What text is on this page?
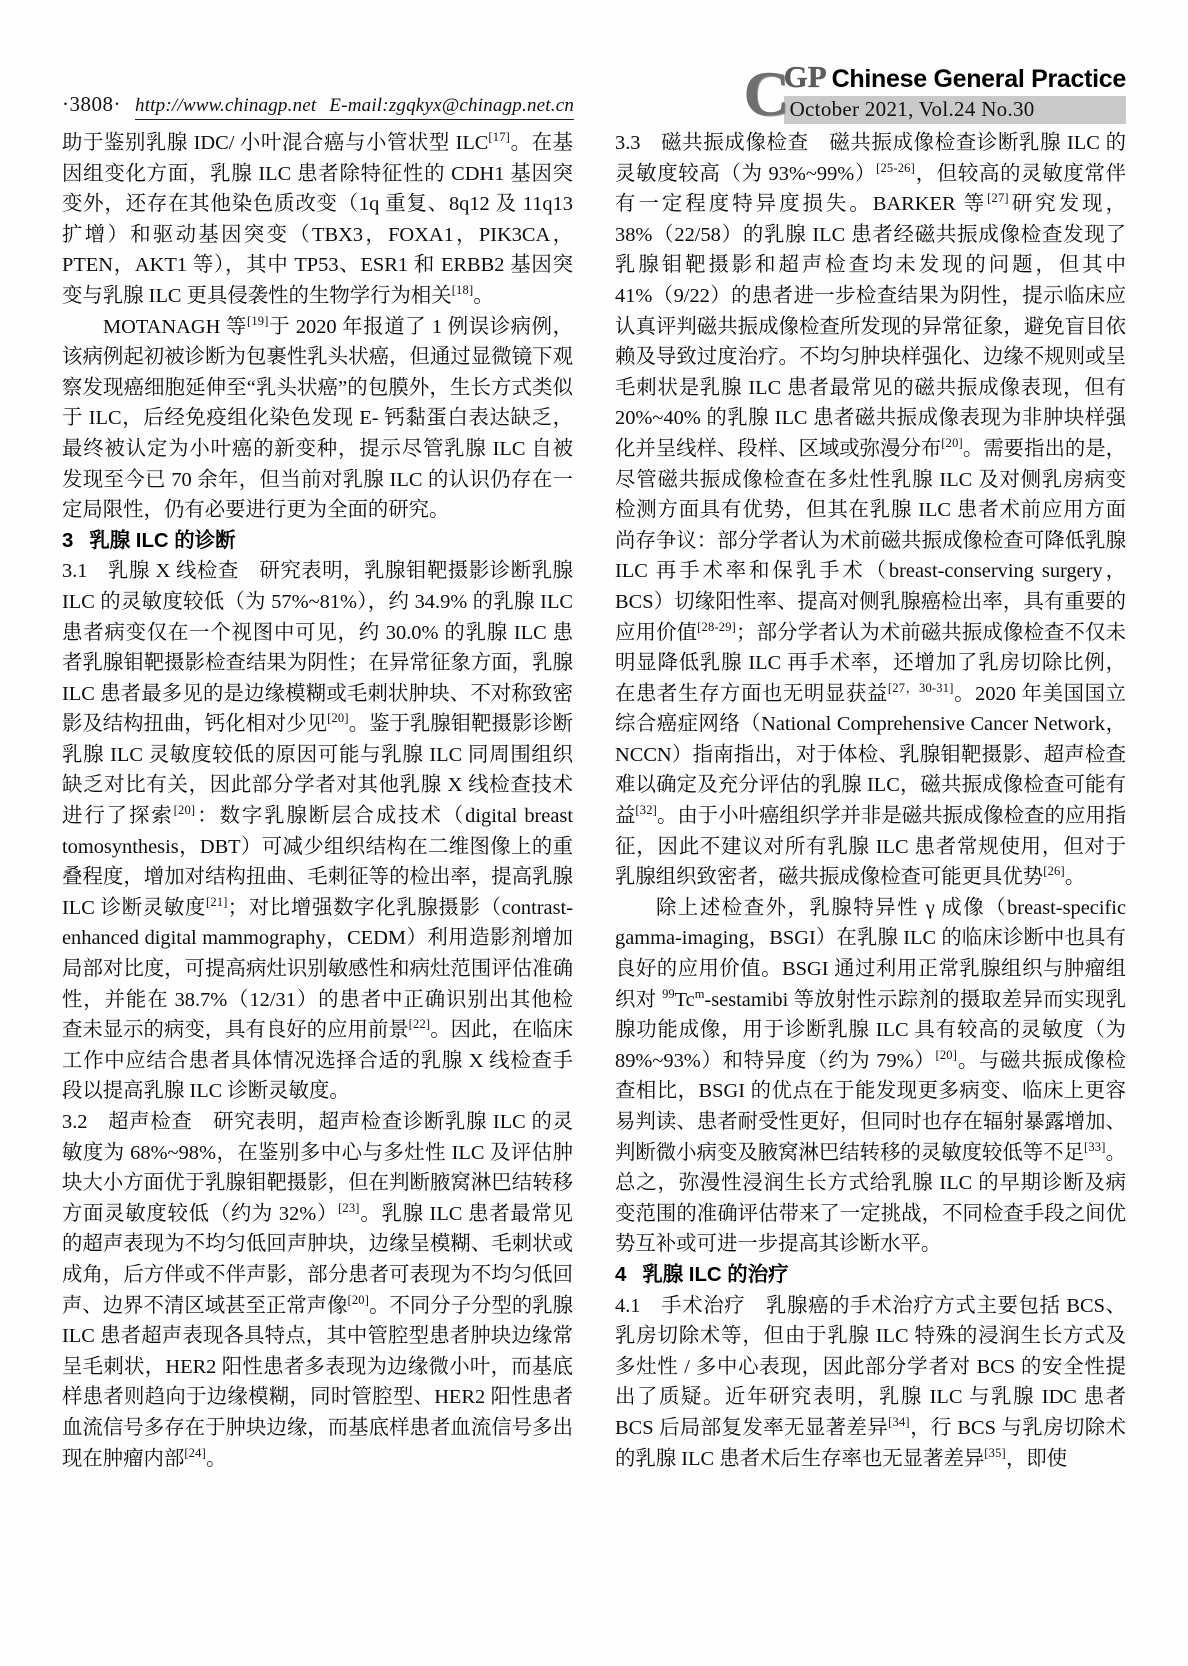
·3808· http://www.chinagp.net E-mail:zgqkyx@chinagp.net.cn	C
GP Chinese General Practice
October 2021, Vol.24 No.30

助于鉴别乳腺 IDC/ 小叶混合癌与小管状型 ILC[17]。在基因组变化方面，乳腺 ILC 患者除特征性的 CDH1 基因突变外，还存在其他染色质改变（1q 重复、8q12 及 11q13 扩增）和驱动基因突变（TBX3，FOXA1，PIK3CA，PTEN，AKT1 等），其中 TP53、ESR1 和 ERBB2 基因突变与乳腺 ILC 更具侵袭性的生物学行为相关[18]。

MOTANAGH 等[19]于 2020 年报道了 1 例误诊病例，该病例起初被诊断为包裹性乳头状癌，但通过显微镜下观察发现癌细胞延伸至“乳头状癌”的包膜外，生长方式类似于 ILC，后经免疫组化染色发现 E- 钙黏蛋白表达缺乏，最终被认定为小叶癌的新变种，提示尽管乳腺 ILC 自被发现至今已 70 余年，但当前对乳腺 ILC 的认识仍存在一定局限性，仍有必要进行更为全面的研究。

3 乳腺 ILC 的诊断

3.1 乳腺 X 线检查 研究表明，乳腺钼靶摄影诊断乳腺 ILC 的灵敏度较低（为 57%~81%），约 34.9% 的乳腺 ILC 患者病变仅在一个视图中可见，约 30.0% 的乳腺 ILC 患者乳腺钼靶摄影检查结果为阴性；在异常征象方面，乳腺 ILC 患者最多见的是边缘模糊或毛刺状肿块、不对称致密影及结构扭曲，钙化相对少见[20]。鉴于乳腺钼靶摄影诊断乳腺 ILC 灵敏度较低的原因可能与乳腺 ILC 同周围组织缺乏对比有关，因此部分学者对其他乳腺 X 线检查技术进行了探索[20]：数字乳腺断层合成技术（digital breast tomosynthesis，DBT）可减少组织结构在二维图像上的重叠程度，增加对结构扭曲、毛刺征等的检出率，提高乳腺 ILC 诊断灵敏度[21]；对比增强数字化乳腺摄影（contrast-enhanced digital mammography，CEDM）利用造影剂增加局部对比度，可提高病灶识别敏感性和病灶范围评估准确性，并能在 38.7%（12/31）的患者中正确识别出其他检查未显示的病变，具有良好的应用前景[22]。因此，在临床工作中应结合患者具体情况选择合适的乳腺 X 线检查手段以提高乳腺 ILC 诊断灵敏度。

3.2 超声检查 研究表明，超声检查诊断乳腺 ILC 的灵敏度为 68%~98%，在鉴别多中心与多灶性 ILC 及评估肿块大小方面优于乳腺钼靶摄影，但在判断腋窝淋巴结转移方面灵敏度较低（约为 32%）[23]。乳腺 ILC 患者最常见的超声表现为不均匀低回声肿块，边缘呈模糊、毛刺状或成角，后方伴或不伴声影，部分患者可表现为不均匀低回声、边界不清区域甚至正常声像[20]。不同分子分型的乳腺 ILC 患者超声表现各具特点，其中管腔型患者肿块边缘常呈毛刺状，HER2 阳性患者多表现为边缘微小叶，而基底样患者则趋向于边缘模糊，同时管腔型、HER2 阳性患者血流信号多存在于肿块边缘，而基底样患者血流信号多出现在肿瘤内部[24]。

3.3 磁共振成像检查 磁共振成像检查诊断乳腺 ILC 的灵敏度较高（为 93%~99%）[25-26]，但较高的灵敏度常伴有一定程度特异度损失。BARKER 等[27]研究发现，38%（22/58）的乳腺 ILC 患者经磁共振成像检查发现了乳腺钼靶摄影和超声检查均未发现的问题，但其中 41%（9/22）的患者进一步检查结果为阴性，提示临床应认真评判磁共振成像检查所发现的异常征象，避免盲目依赖及导致过度治疗。不均匀肿块样强化、边缘不规则或呈毛刺状是乳腺 ILC 患者最常见的磁共振成像表现，但有 20%~40% 的乳腺 ILC 患者磁共振成像表现为非肿块样强化并呈线样、段样、区域或弥漫分布[20]。需要指出的是，尽管磁共振成像检查在多灶性乳腺 ILC 及对侧乳房病变检测方面具有优势，但其在乳腺 ILC 患者术前应用方面尚存争议：部分学者认为术前磁共振成像检查可降低乳腺 ILC 再手术率和保乳手术（breast-conserving surgery，BCS）切缘阳性率、提高对侧乳腺癌检出率，具有重要的应用价值[28-29]；部分学者认为术前磁共振成像检查不仅未明显降低乳腺 ILC 再手术率，还增加了乳房切除比例，在患者生存方面也无明显获益[27，30-31]。2020 年美国国立综合癌症网络（National Comprehensive Cancer Network，NCCN）指南指出，对于体检、乳腺钼靶摄影、超声检查难以确定及充分评估的乳腺 ILC，磁共振成像检查可能有益[32]。由于小叶癌组织学并非是磁共振成像检查的应用指征，因此不建议对所有乳腺 ILC 患者常规使用，但对于乳腺组织致密者，磁共振成像检查可能更具优势[26]。

除上述检查外，乳腺特异性 γ 成像（breast-specific gamma-imaging，BSGI）在乳腺 ILC 的临床诊断中也具有良好的应用价值。BSGI 通过利用正常乳腺组织与肿瘤组织对 $^{99}$Tc$^m$-sestamibi 等放射性示踪剂的摄取差异而实现乳腺功能成像，用于诊断乳腺 ILC 具有较高的灵敏度（为 89%~93%）和特异度（约为 79%）[20]。与磁共振成像检查相比，BSGI 的优点在于能发现更多病变、临床上更容易判读、患者耐受性更好，但同时也存在辐射暴露增加、判断微小病变及腋窝淋巴结转移的灵敏度较低等不足[33]。总之，弥漫性浸润生长方式给乳腺 ILC 的早期诊断及病变范围的准确评估带来了一定挑战，不同检查手段之间优势互补或可进一步提高其诊断水平。

4 乳腺 ILC 的治疗

4.1 手术治疗 乳腺癌的手术治疗方式主要包括 BCS、乳房切除术等，但由于乳腺 ILC 特殊的浸润生长方式及多灶性 / 多中心表现，因此部分学者对 BCS 的安全性提出了质疑。近年研究表明，乳腺 ILC 与乳腺 IDC 患者 BCS 后局部复发率无显著差异[34]，行 BCS 与乳房切除术的乳腺 ILC 患者术后生存率也无显著差异[35]，即使
